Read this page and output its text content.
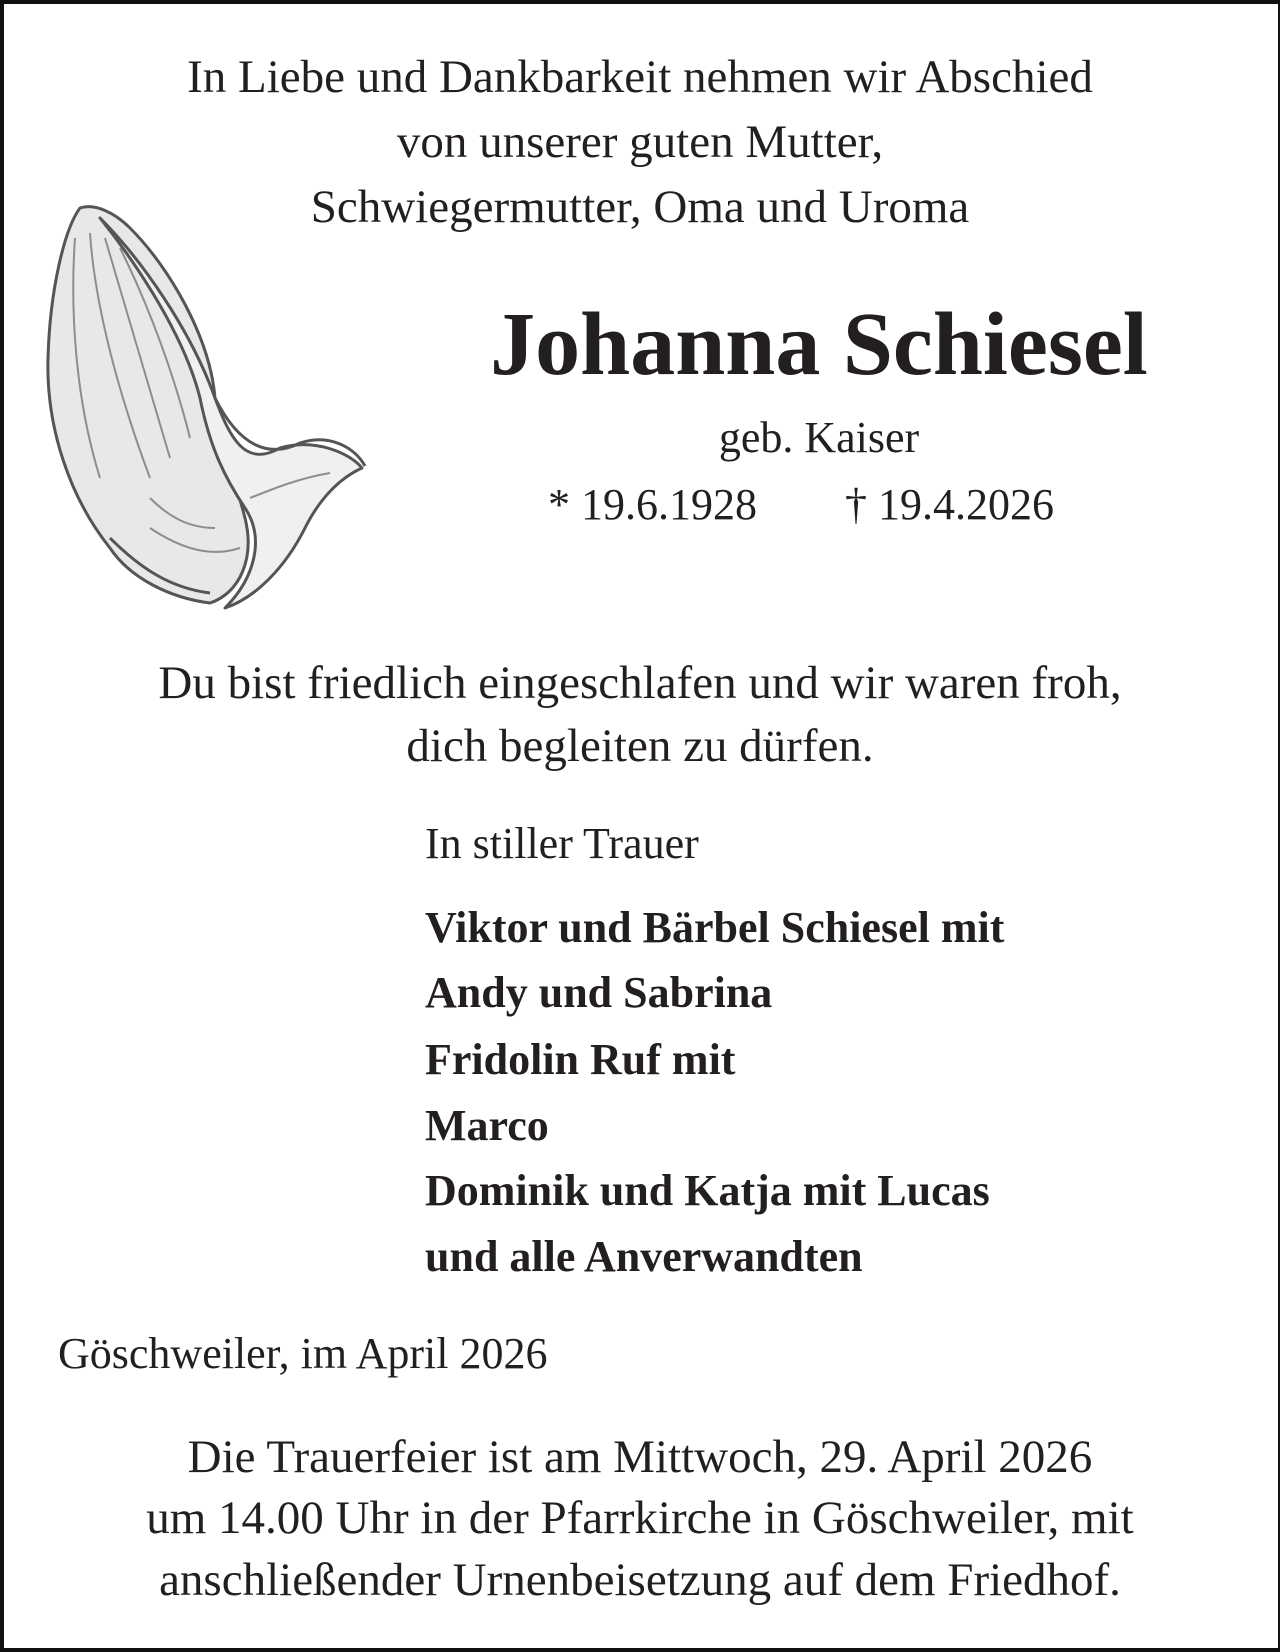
In Liebe und Dankbarkeit nehmen wir Abschied
von unserer guten Mutter,
Schwiegermutter, Oma und Uroma
Johanna Schiesel
geb. Kaiser
* 19.6.1928 † 19.4.2026
Du bist friedlich eingeschlafen und wir waren froh,
dich begleiten zu dürfen.
In stiller Trauer
Viktor und Bärbel Schiesel mit
Andy und Sabrina
Fridolin Ruf mit
Marco
Dominik und Katja mit Lucas
und alle Anverwandten
Göschweiler, im April 2026
Die Trauerfeier ist am Mittwoch, 29. April 2026
um 14.00 Uhr in der Pfarrkirche in Göschweiler, mit
anschließender Urnenbeisetzung auf dem Friedhof.
